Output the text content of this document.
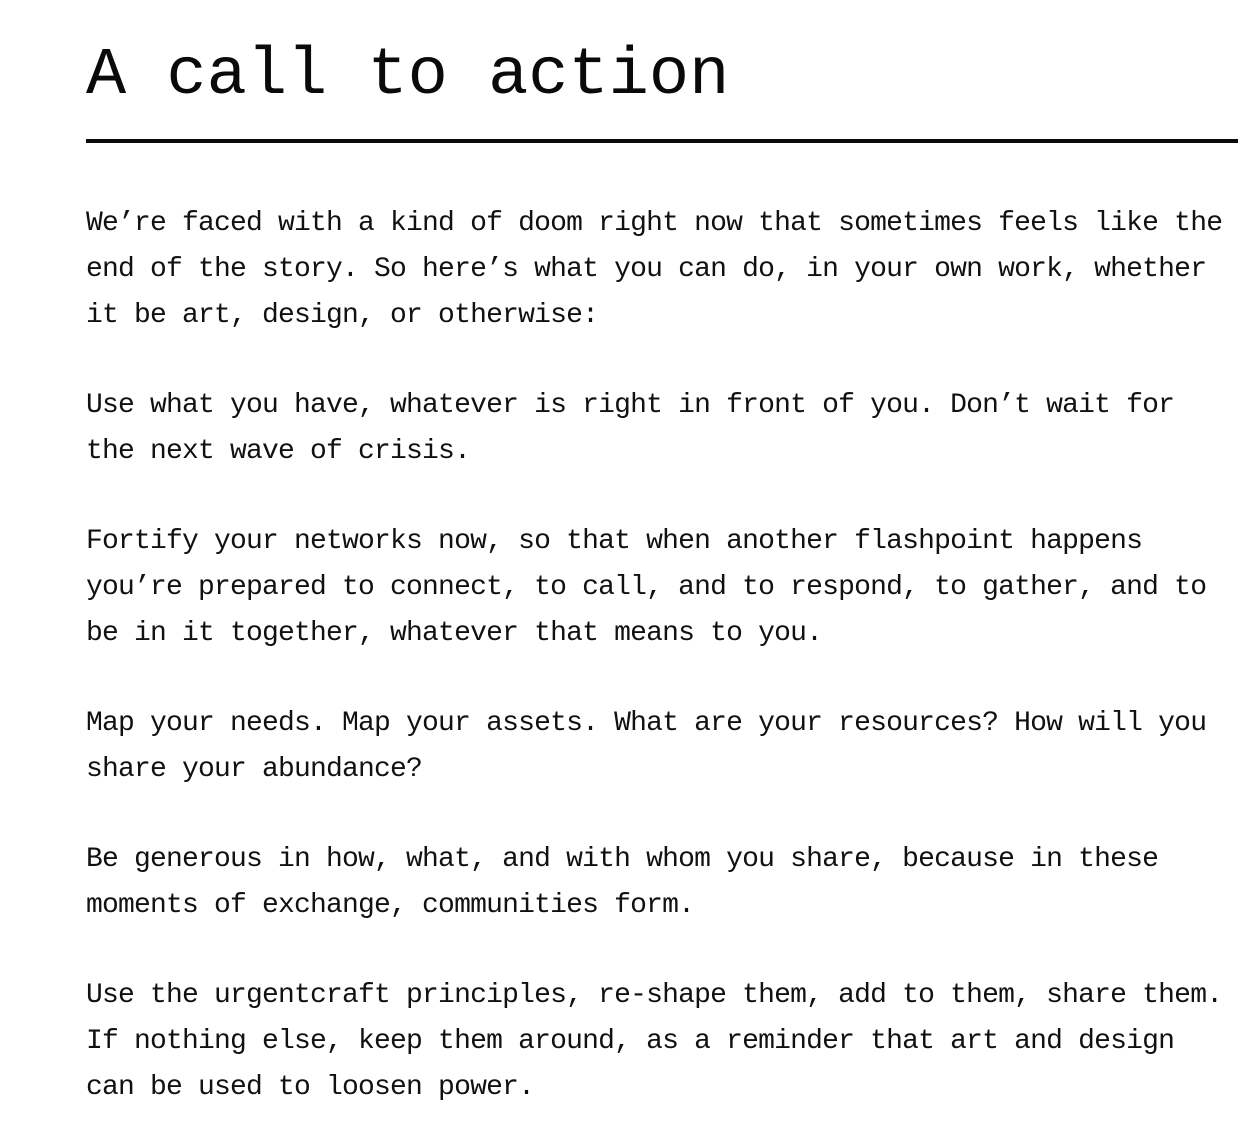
A call to action

We’re faced with a kind of doom right now that sometimes feels like the end of the story. So here’s what you can do, in your own work, whether it be art, design, or otherwise:

Use what you have, whatever is right in front of you. Don’t wait for the next wave of crisis.

Fortify your networks now, so that when another flashpoint happens you’re prepared to connect, to call, and to respond, to gather, and to be in it together, whatever that means to you.

Map your needs. Map your assets. What are your resources? How will you share your abundance?

Be generous in how, what, and with whom you share, because in these moments of exchange, communities form.

Use the urgentcraft principles, re-shape them, add to them, share them. If nothing else, keep them around, as a reminder that art and design can be used to loosen power.
